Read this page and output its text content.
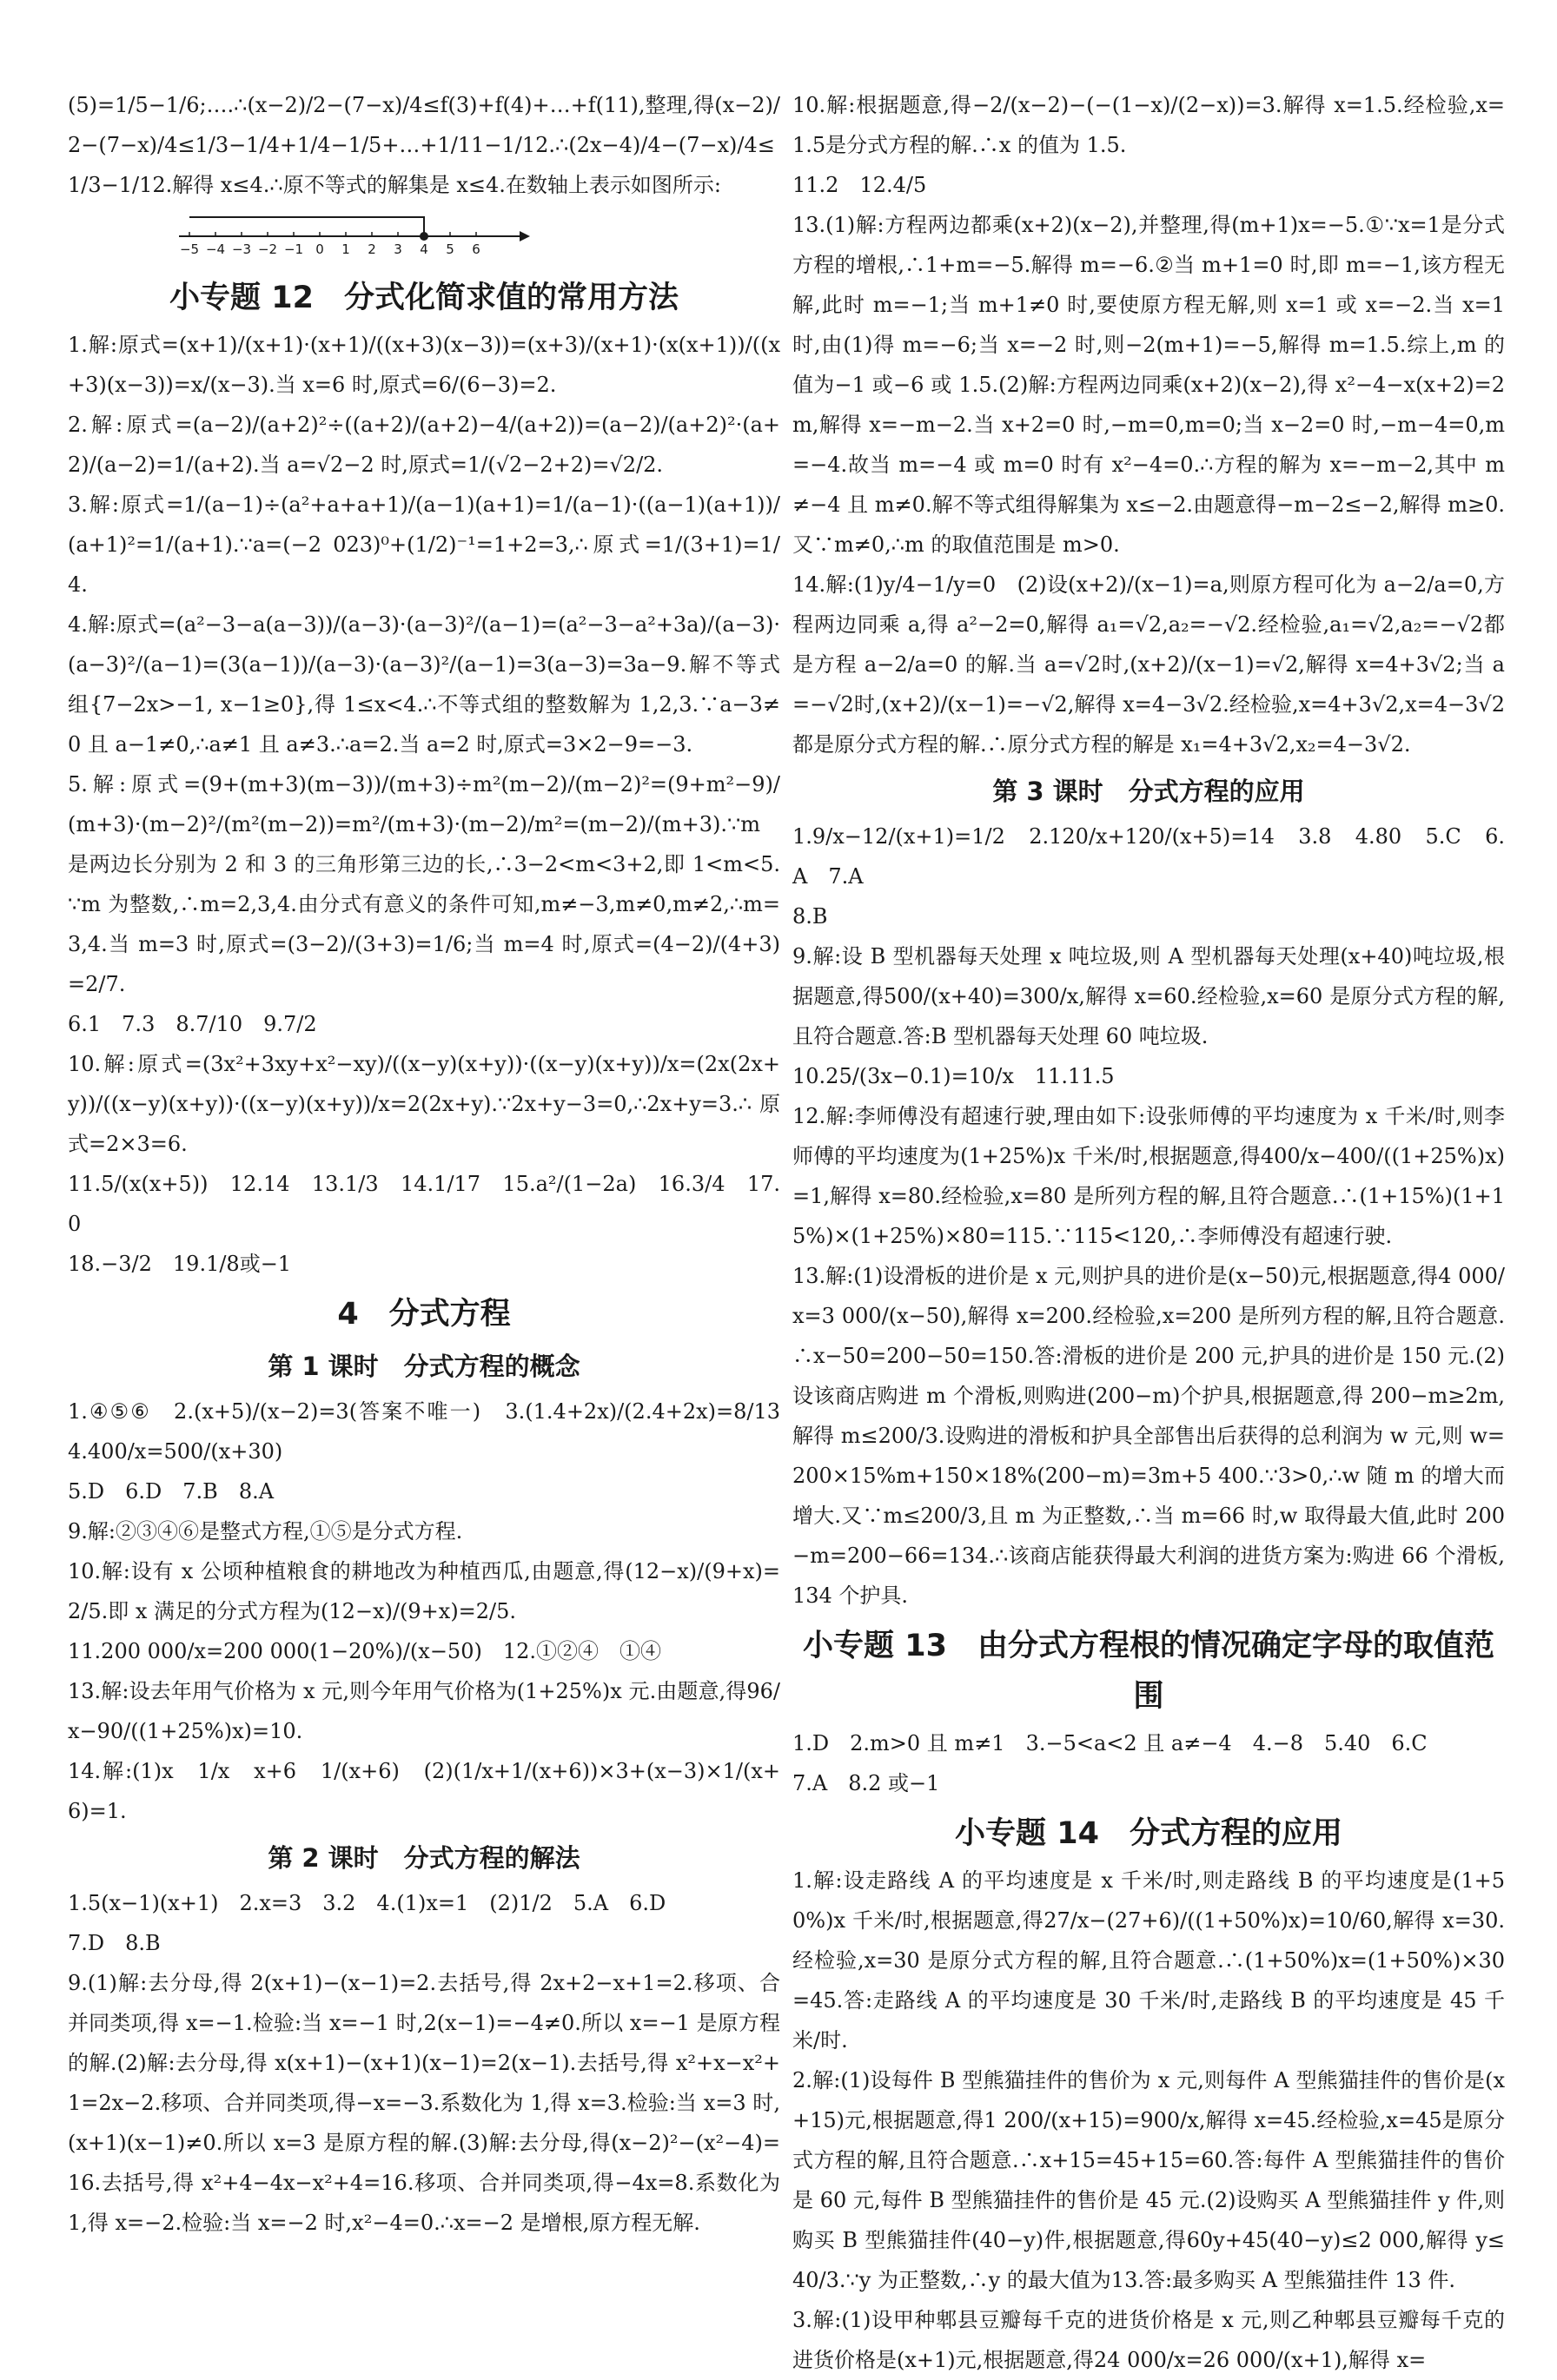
(5)=1/5−1/6;….∴(x−2)/2−(7−x)/4≤f(3)+f(4)+…+f(11),整理,得(x−2)/2−(7−x)/4≤1/3−1/4+1/4−1/5+…+1/11−1/12.∴(2x−4)/4−(7−x)/4≤1/3−1/12.解得 x≤4.∴原不等式的解集是 x≤4.在数轴上表示如图所示:

−5 −4 −3 −2 −1 0 1 2 3 4 5 6
小专题 12　分式化简求值的常用方法

1.解:原式=(x+1)/(x+1)·(x+1)/((x+3)(x−3))=(x+3)/(x+1)·(x(x+1))/((x+3)(x−3))=x/(x−3).当 x=6 时,原式=6/(6−3)=2.

2.解:原式=(a−2)/(a+2)²÷((a+2)/(a+2)−4/(a+2))=(a−2)/(a+2)²·(a+2)/(a−2)=1/(a+2).当 a=√2−2 时,原式=1/(√2−2+2)=√2/2.

3.解:原式=1/(a−1)÷(a²+a+a+1)/(a−1)(a+1)=1/(a−1)·((a−1)(a+1))/(a+1)²=1/(a+1).∵a=(−2 023)⁰+(1/2)⁻¹=1+2=3,∴原式=1/(3+1)=1/4.

4.解:原式=(a²−3−a(a−3))/(a−3)·(a−3)²/(a−1)=(a²−3−a²+3a)/(a−3)·(a−3)²/(a−1)=(3(a−1))/(a−3)·(a−3)²/(a−1)=3(a−3)=3a−9.解不等式组{7−2x>−1, x−1≥0},得 1≤x<4.∴不等式组的整数解为 1,2,3.∵a−3≠0 且 a−1≠0,∴a≠1 且 a≠3.∴a=2.当 a=2 时,原式=3×2−9=−3.

5.解:原式=(9+(m+3)(m−3))/(m+3)÷m²(m−2)/(m−2)²=(9+m²−9)/(m+3)·(m−2)²/(m²(m−2))=m²/(m+3)·(m−2)/m²=(m−2)/(m+3).∵m 是两边长分别为 2 和 3 的三角形第三边的长,∴3−2<m<3+2,即 1<m<5.∵m 为整数,∴m=2,3,4.由分式有意义的条件可知,m≠−3,m≠0,m≠2,∴m=3,4.当 m=3 时,原式=(3−2)/(3+3)=1/6;当 m=4 时,原式=(4−2)/(4+3)=2/7.

6.1　7.3　8.7/10　9.7/2

10.解:原式=(3x²+3xy+x²−xy)/((x−y)(x+y))·((x−y)(x+y))/x=(2x(2x+y))/((x−y)(x+y))·((x−y)(x+y))/x=2(2x+y).∵2x+y−3=0,∴2x+y=3.∴原式=2×3=6.

11.5/(x(x+5))　12.14　13.1/3　14.1/17　15.a²/(1−2a)　16.3/4　17.0

18.−3/2　19.1/8或−1

4　分式方程
第 1 课时　分式方程的概念

1.④⑤⑥　2.(x+5)/(x−2)=3(答案不唯一)　3.(1.4+2x)/(2.4+2x)=8/13　4.400/x=500/(x+30)

5.D　6.D　7.B　8.A

9.解:②③④⑥是整式方程,①⑤是分式方程.

10.解:设有 x 公顷种植粮食的耕地改为种植西瓜,由题意,得(12−x)/(9+x)=2/5.即 x 满足的分式方程为(12−x)/(9+x)=2/5.

11.200 000/x=200 000(1−20%)/(x−50)　12.①②④　①④

13.解:设去年用气价格为 x 元,则今年用气价格为(1+25%)x 元.由题意,得96/x−90/((1+25%)x)=10.

14.解:(1)x　1/x　x+6　1/(x+6)　(2)(1/x+1/(x+6))×3+(x−3)×1/(x+6)=1.

第 2 课时　分式方程的解法

1.5(x−1)(x+1)　2.x=3　3.2　4.(1)x=1　(2)1/2　5.A　6.D

7.D　8.B

9.(1)解:去分母,得 2(x+1)−(x−1)=2.去括号,得 2x+2−x+1=2.移项、合并同类项,得 x=−1.检验:当 x=−1 时,2(x−1)=−4≠0.所以 x=−1 是原方程的解.(2)解:去分母,得 x(x+1)−(x+1)(x−1)=2(x−1).去括号,得 x²+x−x²+1=2x−2.移项、合并同类项,得−x=−3.系数化为 1,得 x=3.检验:当 x=3 时,(x+1)(x−1)≠0.所以 x=3 是原方程的解.(3)解:去分母,得(x−2)²−(x²−4)=16.去括号,得 x²+4−4x−x²+4=16.移项、合并同类项,得−4x=8.系数化为 1,得 x=−2.检验:当 x=−2 时,x²−4=0.∴x=−2 是增根,原方程无解.

10.解:根据题意,得−2/(x−2)−(−(1−x)/(2−x))=3.解得 x=1.5.经检验,x=1.5是分式方程的解.∴x 的值为 1.5.

11.2　12.4/5

13.(1)解:方程两边都乘(x+2)(x−2),并整理,得(m+1)x=−5.①∵x=1是分式方程的增根,∴1+m=−5.解得 m=−6.②当 m+1=0 时,即 m=−1,该方程无解,此时 m=−1;当 m+1≠0 时,要使原方程无解,则 x=1 或 x=−2.当 x=1 时,由(1)得 m=−6;当 x=−2 时,则−2(m+1)=−5,解得 m=1.5.综上,m 的值为−1 或−6 或 1.5.(2)解:方程两边同乘(x+2)(x−2),得 x²−4−x(x+2)=2m,解得 x=−m−2.当 x+2=0 时,−m=0,m=0;当 x−2=0 时,−m−4=0,m=−4.故当 m=−4 或 m=0 时有 x²−4=0.∴方程的解为 x=−m−2,其中 m≠−4 且 m≠0.解不等式组得解集为 x≤−2.由题意得−m−2≤−2,解得 m≥0.又∵m≠0,∴m 的取值范围是 m>0.

14.解:(1)y/4−1/y=0　(2)设(x+2)/(x−1)=a,则原方程可化为 a−2/a=0,方程两边同乘 a,得 a²−2=0,解得 a₁=√2,a₂=−√2.经检验,a₁=√2,a₂=−√2都是方程 a−2/a=0 的解.当 a=√2时,(x+2)/(x−1)=√2,解得 x=4+3√2;当 a=−√2时,(x+2)/(x−1)=−√2,解得 x=4−3√2.经检验,x=4+3√2,x=4−3√2都是原分式方程的解.∴原分式方程的解是 x₁=4+3√2,x₂=4−3√2.

第 3 课时　分式方程的应用

1.9/x−12/(x+1)=1/2　2.120/x+120/(x+5)=14　3.8　4.80　5.C　6.A　7.A

8.B

9.解:设 B 型机器每天处理 x 吨垃圾,则 A 型机器每天处理(x+40)吨垃圾,根据题意,得500/(x+40)=300/x,解得 x=60.经检验,x=60 是原分式方程的解,且符合题意.答:B 型机器每天处理 60 吨垃圾.

10.25/(3x−0.1)=10/x　11.11.5

12.解:李师傅没有超速行驶,理由如下:设张师傅的平均速度为 x 千米/时,则李师傅的平均速度为(1+25%)x 千米/时,根据题意,得400/x−400/((1+25%)x)=1,解得 x=80.经检验,x=80 是所列方程的解,且符合题意.∴(1+15%)(1+15%)×(1+25%)×80=115.∵115<120,∴李师傅没有超速行驶.

13.解:(1)设滑板的进价是 x 元,则护具的进价是(x−50)元,根据题意,得4 000/x=3 000/(x−50),解得 x=200.经检验,x=200 是所列方程的解,且符合题意.∴x−50=200−50=150.答:滑板的进价是 200 元,护具的进价是 150 元.(2)设该商店购进 m 个滑板,则购进(200−m)个护具,根据题意,得 200−m≥2m,解得 m≤200/3.设购进的滑板和护具全部售出后获得的总利润为 w 元,则 w=200×15%m+150×18%(200−m)=3m+5 400.∵3>0,∴w 随 m 的增大而增大.又∵m≤200/3,且 m 为正整数,∴当 m=66 时,w 取得最大值,此时 200−m=200−66=134.∴该商店能获得最大利润的进货方案为:购进 66 个滑板,134 个护具.

小专题 13　由分式方程根的情况确定字母的取值范围

1.D　2.m>0 且 m≠1　3.−5<a<2 且 a≠−4　4.−8　5.40　6.C

7.A　8.2 或−1

小专题 14　分式方程的应用

1.解:设走路线 A 的平均速度是 x 千米/时,则走路线 B 的平均速度是(1+50%)x 千米/时,根据题意,得27/x−(27+6)/((1+50%)x)=10/60,解得 x=30.经检验,x=30 是原分式方程的解,且符合题意.∴(1+50%)x=(1+50%)×30=45.答:走路线 A 的平均速度是 30 千米/时,走路线 B 的平均速度是 45 千米/时.

2.解:(1)设每件 B 型熊猫挂件的售价为 x 元,则每件 A 型熊猫挂件的售价是(x+15)元,根据题意,得1 200/(x+15)=900/x,解得 x=45.经检验,x=45是原分式方程的解,且符合题意.∴x+15=45+15=60.答:每件 A 型熊猫挂件的售价是 60 元,每件 B 型熊猫挂件的售价是 45 元.(2)设购买 A 型熊猫挂件 y 件,则购买 B 型熊猫挂件(40−y)件,根据题意,得60y+45(40−y)≤2 000,解得 y≤40/3.∵y 为正整数,∴y 的最大值为13.答:最多购买 A 型熊猫挂件 13 件.

3.解:(1)设甲种郫县豆瓣每千克的进货价格是 x 元,则乙种郫县豆瓣每千克的进货价格是(x+1)元,根据题意,得24 000/x=26 000/(x+1),解得 x=
